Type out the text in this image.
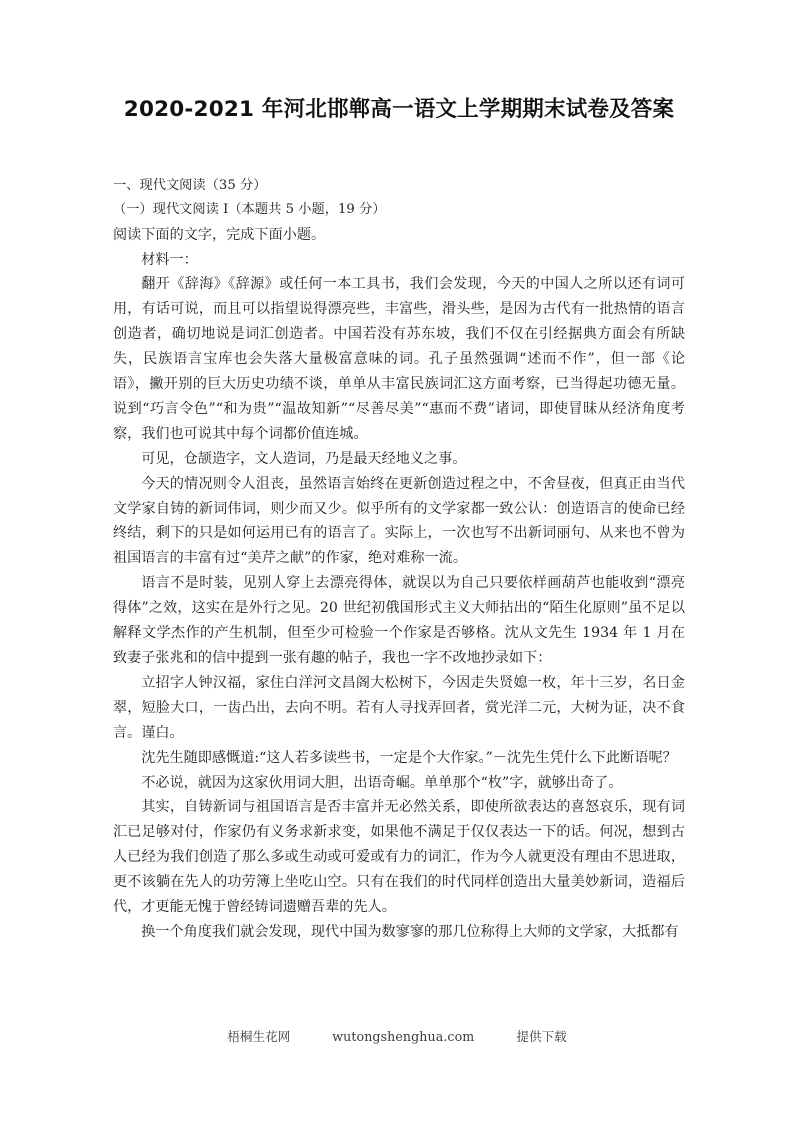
2020-2021 年河北邯郸高一语文上学期期末试卷及答案

一、现代文阅读（35 分）

（一）现代文阅读 I（本题共 5 小题，19 分）

阅读下面的文字，完成下面小题。

材料一：

翻开《辞海》《辞源》或任何一本工具书，我们会发现，今天的中国人之所以还有词可用，有话可说，而且可以指望说得漂亮些，丰富些，滑头些，是因为古代有一批热情的语言创造者，确切地说是词汇创造者。中国若没有苏东坡，我们不仅在引经据典方面会有所缺失，民族语言宝库也会失落大量极富意味的词。孔子虽然强调“述而不作”，但一部《论语》，撇开别的巨大历史功绩不谈，单单从丰富民族词汇这方面考察，已当得起功德无量。说到“巧言令色”“和为贵”“温故知新”“尽善尽美”“惠而不费”诸词，即使冒昧从经济角度考察，我们也可说其中每个词都价值连城。

可见，仓颉造字，文人造词，乃是最天经地义之事。

今天的情况则令人沮丧，虽然语言始终在更新创造过程之中，不舍昼夜，但真正由当代文学家自铸的新词伟词，则少而又少。似乎所有的文学家都一致公认：创造语言的使命已经终结，剩下的只是如何运用已有的语言了。实际上，一次也写不出新词丽句、从来也不曾为祖国语言的丰富有过“美芹之献”的作家，绝对难称一流。

语言不是时装，见别人穿上去漂亮得体，就误以为自己只要依样画葫芦也能收到“漂亮得体”之效，这实在是外行之见。20 世纪初俄国形式主义大师拈出的“陌生化原则”虽不足以解释文学杰作的产生机制，但至少可检验一个作家是否够格。沈从文先生 1934 年 1 月在致妻子张兆和的信中提到一张有趣的帖子，我也一字不改地抄录如下：

立招字人钟汉福，家住白洋河文昌阁大松树下，今因走失贤媳一枚，年十三岁，名日金翠，短脸大口，一齿凸出，去向不明。若有人寻找弄回者，赏光洋二元，大树为证，决不食言。谨白。

沈先生随即感慨道:“这人若多读些书，一定是个大作家。”－沈先生凭什么下此断语呢？

不必说，就因为这家伙用词大胆，出语奇崛。单单那个“枚”字，就够出奇了。

其实，自铸新词与祖国语言是否丰富并无必然关系，即使所欲表达的喜怒哀乐，现有词汇已足够对付，作家仍有义务求新求变，如果他不满足于仅仅表达一下的话。何况，想到古人已经为我们创造了那么多或生动或可爱或有力的词汇，作为今人就更没有理由不思进取，更不该躺在先人的功劳簿上坐吃山空。只有在我们的时代同样创造出大量美妙新词，造福后代，才更能无愧于曾经铸词遗赠吾辈的先人。

换一个角度我们就会发现，现代中国为数寥寥的那几位称得上大师的文学家，大抵都有

梧桐生花网	wutongshenghua.com	提供下载
